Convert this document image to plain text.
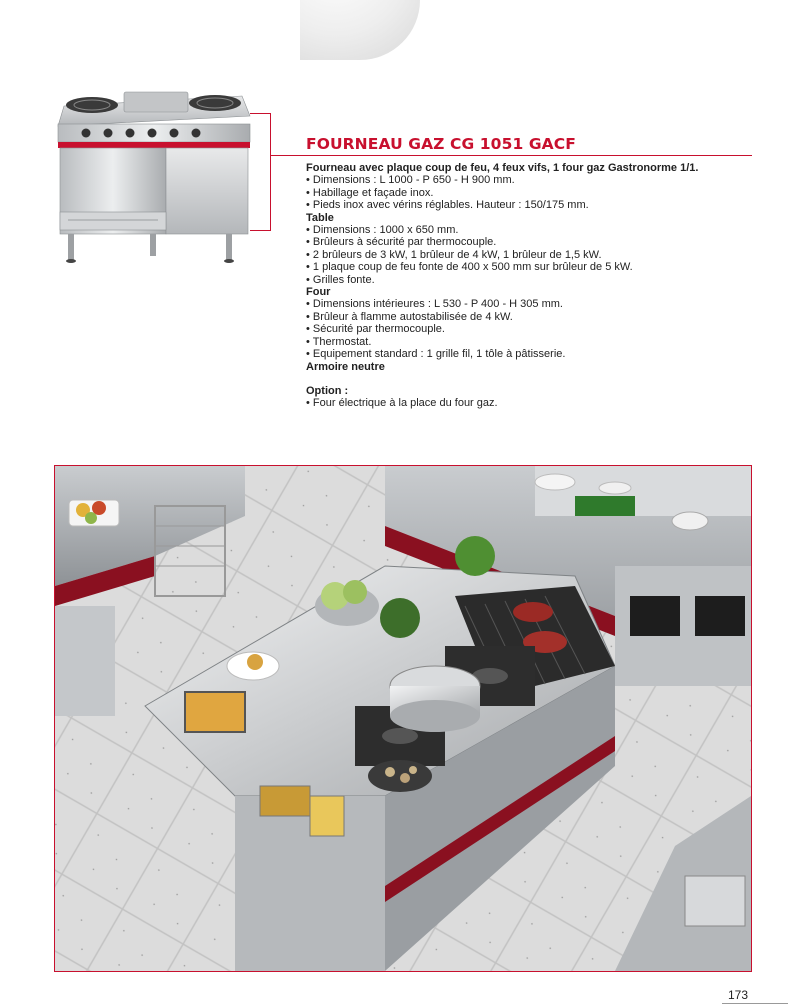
FOURNEAU GAZ CG 1051 GACF
Fourneau avec plaque coup de feu, 4 feux vifs, 1 four gaz Gastronorme 1/1.
• Dimensions : L 1000 - P 650 - H 900 mm.
• Habillage et façade inox.
• Pieds inox avec vérins réglables. Hauteur : 150/175 mm.
Table
• Dimensions : 1000 x 650 mm.
• Brûleurs à sécurité par thermocouple.
• 2 brûleurs de 3 kW, 1 brûleur de 4 kW, 1 brûleur de 1,5 kW.
• 1 plaque coup de feu fonte de 400 x 500 mm sur brûleur de 5 kW.
• Grilles fonte.
Four
• Dimensions intérieures : L 530 - P 400 - H 305 mm.
• Brûleur à flamme autostabilisée de 4 kW.
• Sécurité par thermocouple.
• Thermostat.
• Equipement standard : 1 grille fil, 1 tôle à pâtisserie.
Armoire neutre
Option :
• Four électrique à la place du four gaz.
173
